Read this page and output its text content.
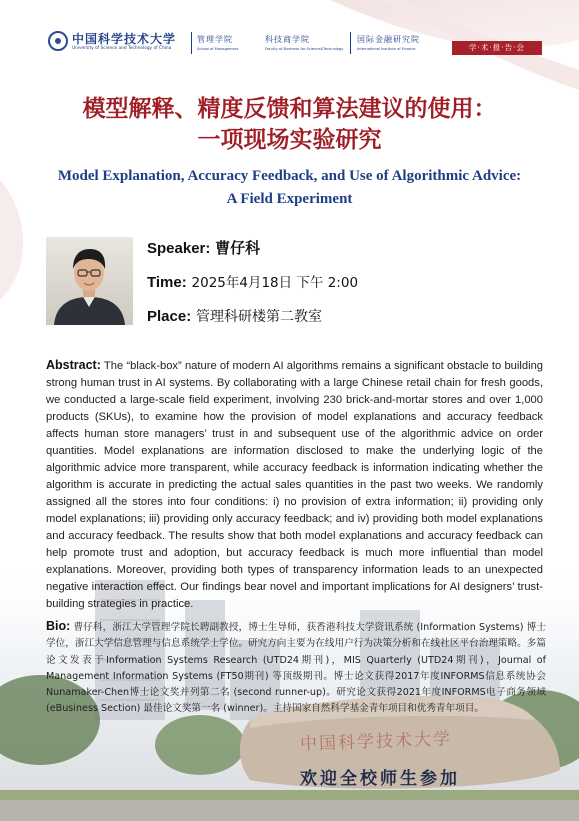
中国科学技术大学
University of Science and Technology of China
管理学院
School of Management
科技商学院
Faculty of Business for Science&Technology
国际金融研究院
International Institute of Finance	学·术·报·告·会
模型解释、精度反馈和算法建议的使用：
一项现场实验研究
Model Explanation, Accuracy Feedback, and Use of Algorithmic Advice:
A Field Experiment
Speaker: 曹仔科
Time: 2025年4月18日 下午 2:00
Place: 管理科研楼第二教室
Abstract: The “black-box” nature of modern AI algorithms remains a significant obstacle to building strong human trust in AI systems. By collaborating with a large Chinese retail chain for fresh goods, we conducted a large-scale field experiment, involving 230 brick-and-mortar stores and over 1,000 products (SKUs), to examine how the provision of model explanations and accuracy feedback affects human store managers’ trust in and subsequent use of the algorithmic advice on order quantities. Model explanations are information disclosed to make the underlying logic of the algorithmic advice more transparent, while accuracy feedback is information indicating whether the algorithm is accurate in predicting the actual sales quantities in the past two weeks. We randomly assigned all the stores into four conditions: i) no provision of extra information; ii) providing only model explanations; iii) providing only accuracy feedback; and iv) providing both model explanations and accuracy feedback. The results show that both model explanations and accuracy feedback can help promote trust and adoption, but accuracy feedback is much more influential than model explanations. Moreover, providing both types of transparency information leads to an unexpected negative interaction effect. Our findings bear novel and important implications for AI designers’ trust-building strategies in practice.
Bio: 曹仔科，浙江大学管理学院长聘副教授，博士生导师，获香港科技大学资讯系统 (Information Systems) 博士学位，浙江大学信息管理与信息系统学士学位。研究方向主要为在线用户行为决策分析和在线社区平台治理策略。多篇论文发表于Information Systems Research (UTD24期刊)，MIS Quarterly (UTD24期刊)，Journal of Management Information Systems (FT50期刊) 等顶级期刊。博士论文获得2017年度INFORMS信息系统协会Nunamaker-Chen博士论文奖并列第二名 (second runner-up)。研究论文获得2021年度INFORMS电子商务领域 (eBusiness Section) 最佳论文奖第一名 (winner)。主持国家自然科学基金青年项目和优秀青年项目。
中国科学技术大学
欢迎全校师生参加
